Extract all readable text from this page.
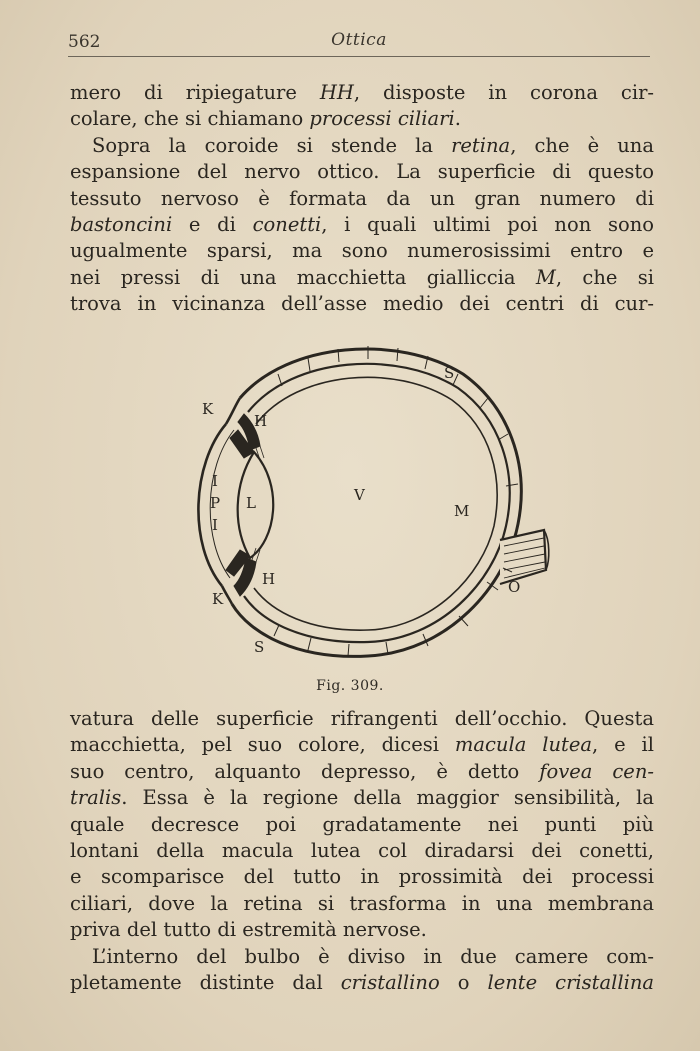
562	Ottica
mero di ripiegature HH, disposte in corona cir-
colare, che si chiamano processi ciliari.
Sopra la coroide si stende la retina, che è una
espansione del nervo ottico. La superficie di questo
tessuto nervoso è formata da un gran numero di
bastoncini e di conetti, i quali ultimi poi non sono
ugualmente sparsi, ma sono numerosissimi entro e
nei pressi di una macchietta gialliccia M, che si
trova in vicinanza dell’asse medio dei centri di cur-
S
K
H
I
P L	V
M
I
H
K
O
S
Fig. 309.
vatura delle superficie rifrangenti dell’occhio. Questa
macchietta, pel suo colore, dicesi macula lutea, e il
suo centro, alquanto depresso, è detto fovea cen-
tralis. Essa è la regione della maggior sensibilità, la
quale decresce poi gradatamente nei punti più
lontani della macula lutea col diradarsi dei conetti,
e scomparisce del tutto in prossimità dei processi
ciliari, dove la retina si trasforma in una membrana
priva del tutto di estremità nervose.
L’interno del bulbo è diviso in due camere com-
pletamente distinte dal cristallino o lente cristallina
